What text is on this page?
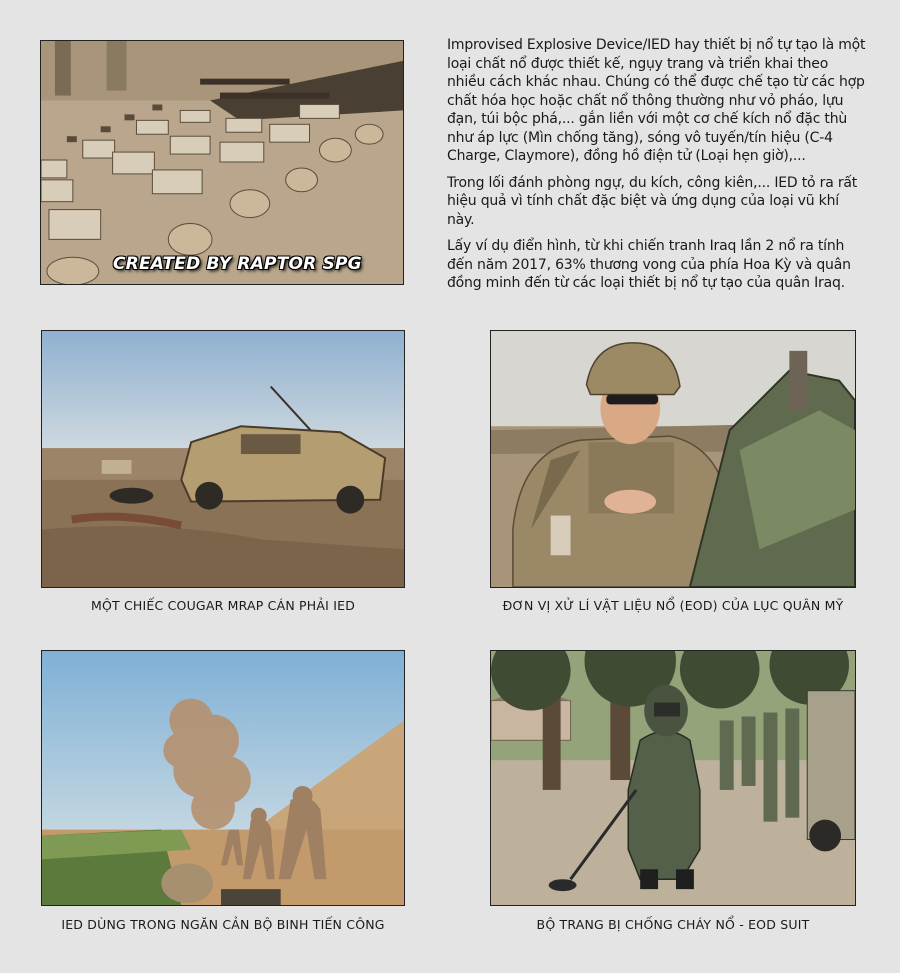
CREATED BY RAPTOR SPG

Improvised Explosive Device/IED hay thiết bị nổ tự tạo là một loại chất nổ được thiết kế, ngụy trang và triển khai theo nhiều cách khác nhau. Chúng có thể được chế tạo từ các hợp chất hóa học hoặc chất nổ thông thường như vỏ pháo, lựu đạn, túi bộc phá,... gắn liền với một cơ chế kích nổ đặc thù như áp lực (Mìn chống tăng), sóng vô tuyến/tín hiệu (C-4 Charge, Claymore), đồng hồ điện tử (Loại hẹn giờ),...

Trong lối đánh phòng ngự, du kích, công kiên,... IED tỏ ra rất hiệu quả vì tính chất đặc biệt và ứng dụng của loại vũ khí này.

Lấy ví dụ điển hình, từ khi chiến tranh Iraq lần 2 nổ ra tính đến năm 2017, 63% thương vong của phía Hoa Kỳ và quân đồng minh đến từ các loại thiết bị nổ tự tạo của quân Iraq.

MỘT CHIẾC COUGAR MRAP CÁN PHẢI IED	ĐƠN VỊ XỬ LÍ VẬT LIỆU NỔ (EOD) CỦA LỤC QUÂN MỸ
IED DÙNG TRONG NGĂN CẢN BỘ BINH TIẾN CÔNG	BỘ TRANG BỊ CHỐNG CHÁY NỔ - EOD SUIT
